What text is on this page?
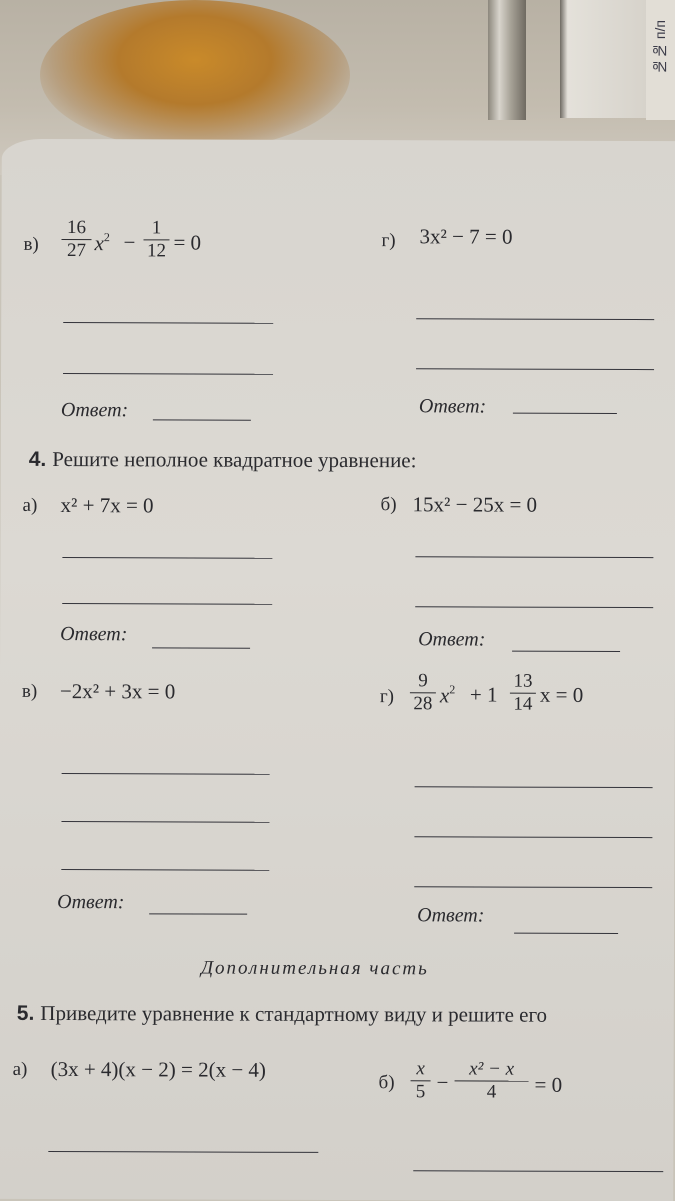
№№ п/п
$в) \frac{16}{27} x^2 - \frac{1}{12} = 0$	г) 3x² − 7 = 0
Ответ:	Ответ:
4. Решите неполное квадратное уравнение:
а) x² + 7x = 0	б) 15x² − 25x = 0
Ответ:	Ответ:
в) −2x² + 3x = 0	$г) \frac{9}{28} x^2 + 1 \frac{13}{14}$ x = 0
Ответ:
Ответ:
Дополнительная часть
5. Приведите уравнение к стандартному виду и решите его
а) (3x + 4)(x − 2) = 2(x − 4)
$б) \frac{x}{5} - \frac{\text{x² − x}}{4} = 0$
